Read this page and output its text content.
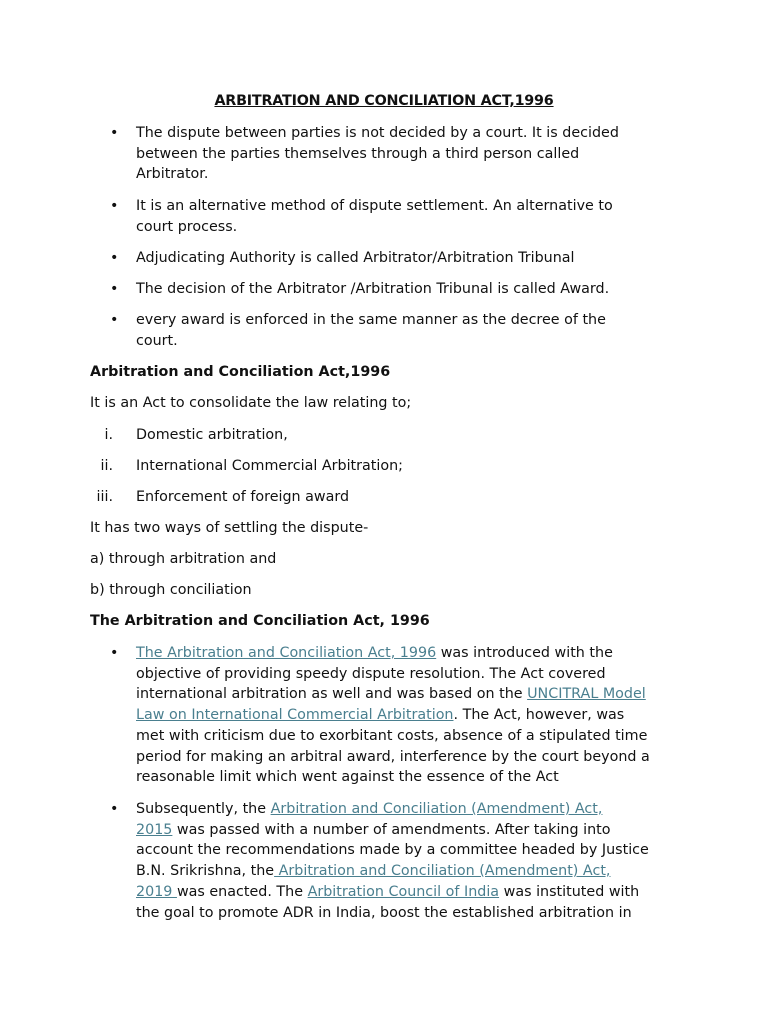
ARBITRATION AND CONCILIATION ACT,1996
• The dispute between parties is not decided by a court. It is decided
between the parties themselves through a third person called
Arbitrator.
• It is an alternative method of dispute settlement. An alternative to
court process.
• Adjudicating Authority is called Arbitrator/Arbitration Tribunal
• The decision of the Arbitrator /Arbitration Tribunal is called Award.
• every award is enforced in the same manner as the decree of the
court.
Arbitration and Conciliation Act,1996
It is an Act to consolidate the law relating to;
i. Domestic arbitration,
ii. International Commercial Arbitration;
iii. Enforcement of foreign award
It has two ways of settling the dispute-
a) through arbitration and
b) through conciliation
The Arbitration and Conciliation Act, 1996
• The Arbitration and Conciliation Act, 1996 was introduced with the
objective of providing speedy dispute resolution. The Act covered
international arbitration as well and was based on the UNCITRAL Model
Law on International Commercial Arbitration. The Act, however, was
met with criticism due to exorbitant costs, absence of a stipulated time
period for making an arbitral award, interference by the court beyond a
reasonable limit which went against the essence of the Act
• Subsequently, the Arbitration and Conciliation (Amendment) Act,
2015 was passed with a number of amendments. After taking into
account the recommendations made by a committee headed by Justice
B.N. Srikrishna, the Arbitration and Conciliation (Amendment) Act,
2019 was enacted. The Arbitration Council of India was instituted with
the goal to promote ADR in India, boost the established arbitration in
